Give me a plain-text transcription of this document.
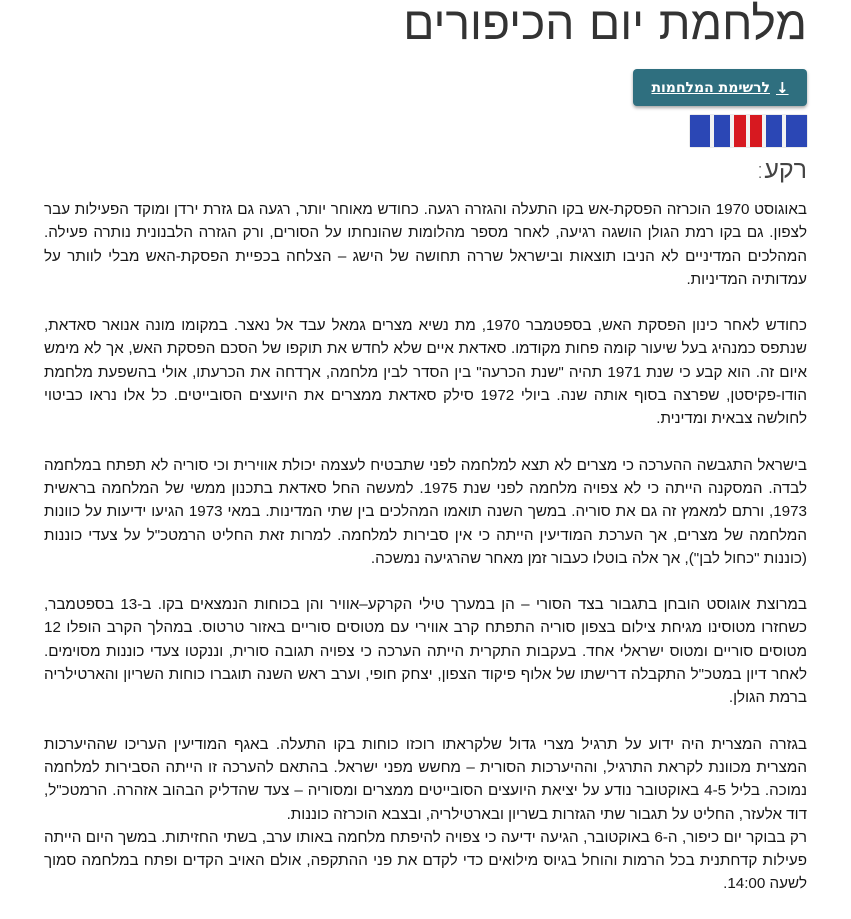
מלחמת יום הכיפורים
↓
לרשימת המלחמות
רקע:

באוגוסט 1970 הוכרזה הפסקת-אש בקו התעלה והגזרה רגעה. כחודש מאוחר יותר, רגעה גם גזרת ירדן ומוקד הפעילות עבר לצפון. גם בקו רמת הגולן הושגה רגיעה, לאחר מספר מהלומות שהונחתו על הסורים, ורק הגזרה הלבנונית נותרה פעילה. המהלכים המדיניים לא הניבו תוצאות ובישראל שררה תחושה של הישג – הצלחה בכפיית הפסקת-האש מבלי לוותר על עמדותיה המדיניות.

כחודש לאחר כינון הפסקת האש, בספטמבר 1970, מת נשיא מצרים גמאל עבד אל נאצר. במקומו מונה אנואר סאדאת, שנתפס כמנהיג בעל שיעור קומה פחות מקודמו. סאדאת איים שלא לחדש את תוקפו של הסכם הפסקת האש, אך לא מימש איום זה. הוא קבע כי שנת 1971 תהיה "שנת הכרעה" בין הסדר לבין מלחמה, אךדחה את הכרעתו, אולי בהשפעת מלחמת הודו-פקיסטן, שפרצה בסוף אותה שנה. ביולי 1972 סילק סאדאת ממצרים את היועצים הסובייטים. כל אלו נראו כביטוי לחולשה צבאית ומדינית.

בישראל התגבשה ההערכה כי מצרים לא תצא למלחמה לפני שתבטיח לעצמה יכולת אווירית וכי סוריה לא תפתח במלחמה לבדה. המסקנה הייתה כי לא צפויה מלחמה לפני שנת 1975. למעשה החל סאדאת בתכנון ממשי של המלחמה בראשית 1973, ורתם למאמץ זה גם את סוריה. במשך השנה תואמו המהלכים בין שתי המדינות. במאי 1973 הגיעו ידיעות על כוונות המלחמה של מצרים, אך הערכת המודיעין הייתה כי אין סבירות למלחמה. למרות זאת החליט הרמטכ"ל על צעדי כוננות (כוננות "כחול לבן"), אך אלה בוטלו כעבור זמן מאחר שהרגיעה נמשכה.

במרוצת אוגוסט הובחן בתגבור בצד הסורי – הן במערך טילי הקרקע–אוויר והן בכוחות הנמצאים בקו. ב-13 בספטמבר, כשחזרו מטוסינו מגיחת צילום בצפון סוריה התפתח קרב אווירי עם מטוסים סוריים באזור טרטוס. במהלך הקרב הופלו 12 מטוסים סוריים ומטוס ישראלי אחד. בעקבות התקרית הייתה הערכה כי צפויה תגובה סורית, וננקטו צעדי כוננות מסוימים. לאחר דיון במטכ"ל התקבלה דרישתו של אלוף פיקוד הצפון, יצחק חופי, וערב ראש השנה תוגברו כוחות השריון והארטילריה ברמת הגולן.

בגזרה המצרית היה ידוע על תרגיל מצרי גדול שלקראתו רוכזו כוחות בקו התעלה. באגף המודיעין העריכו שההיערכות המצרית מכוונת לקראת התרגיל, וההיערכות הסורית – מחשש מפני ישראל. בהתאם להערכה זו הייתה הסבירות למלחמה נמוכה. בליל 4-5 באוקטובר נודע על יציאת היועצים הסובייטים ממצרים ומסוריה – צעד שהדליק הבהוב אזהרה. הרמטכ"ל, דוד אלעזר, החליט על תגבור שתי הגזרות בשריון ובארטילריה, ובצבא הוכרזה כוננות.

רק בבוקר יום כיפור, ה-6 באוקטובר, הגיעה ידיעה כי צפויה להיפתח מלחמה באותו ערב, בשתי החזיתות. במשך היום הייתה פעילות קדחתנית בכל הרמות והוחל בגיוס מילואים כדי לקדם את פני ההתקפה, אולם האויב הקדים ופתח במלחמה סמוך לשעה 14:00.
